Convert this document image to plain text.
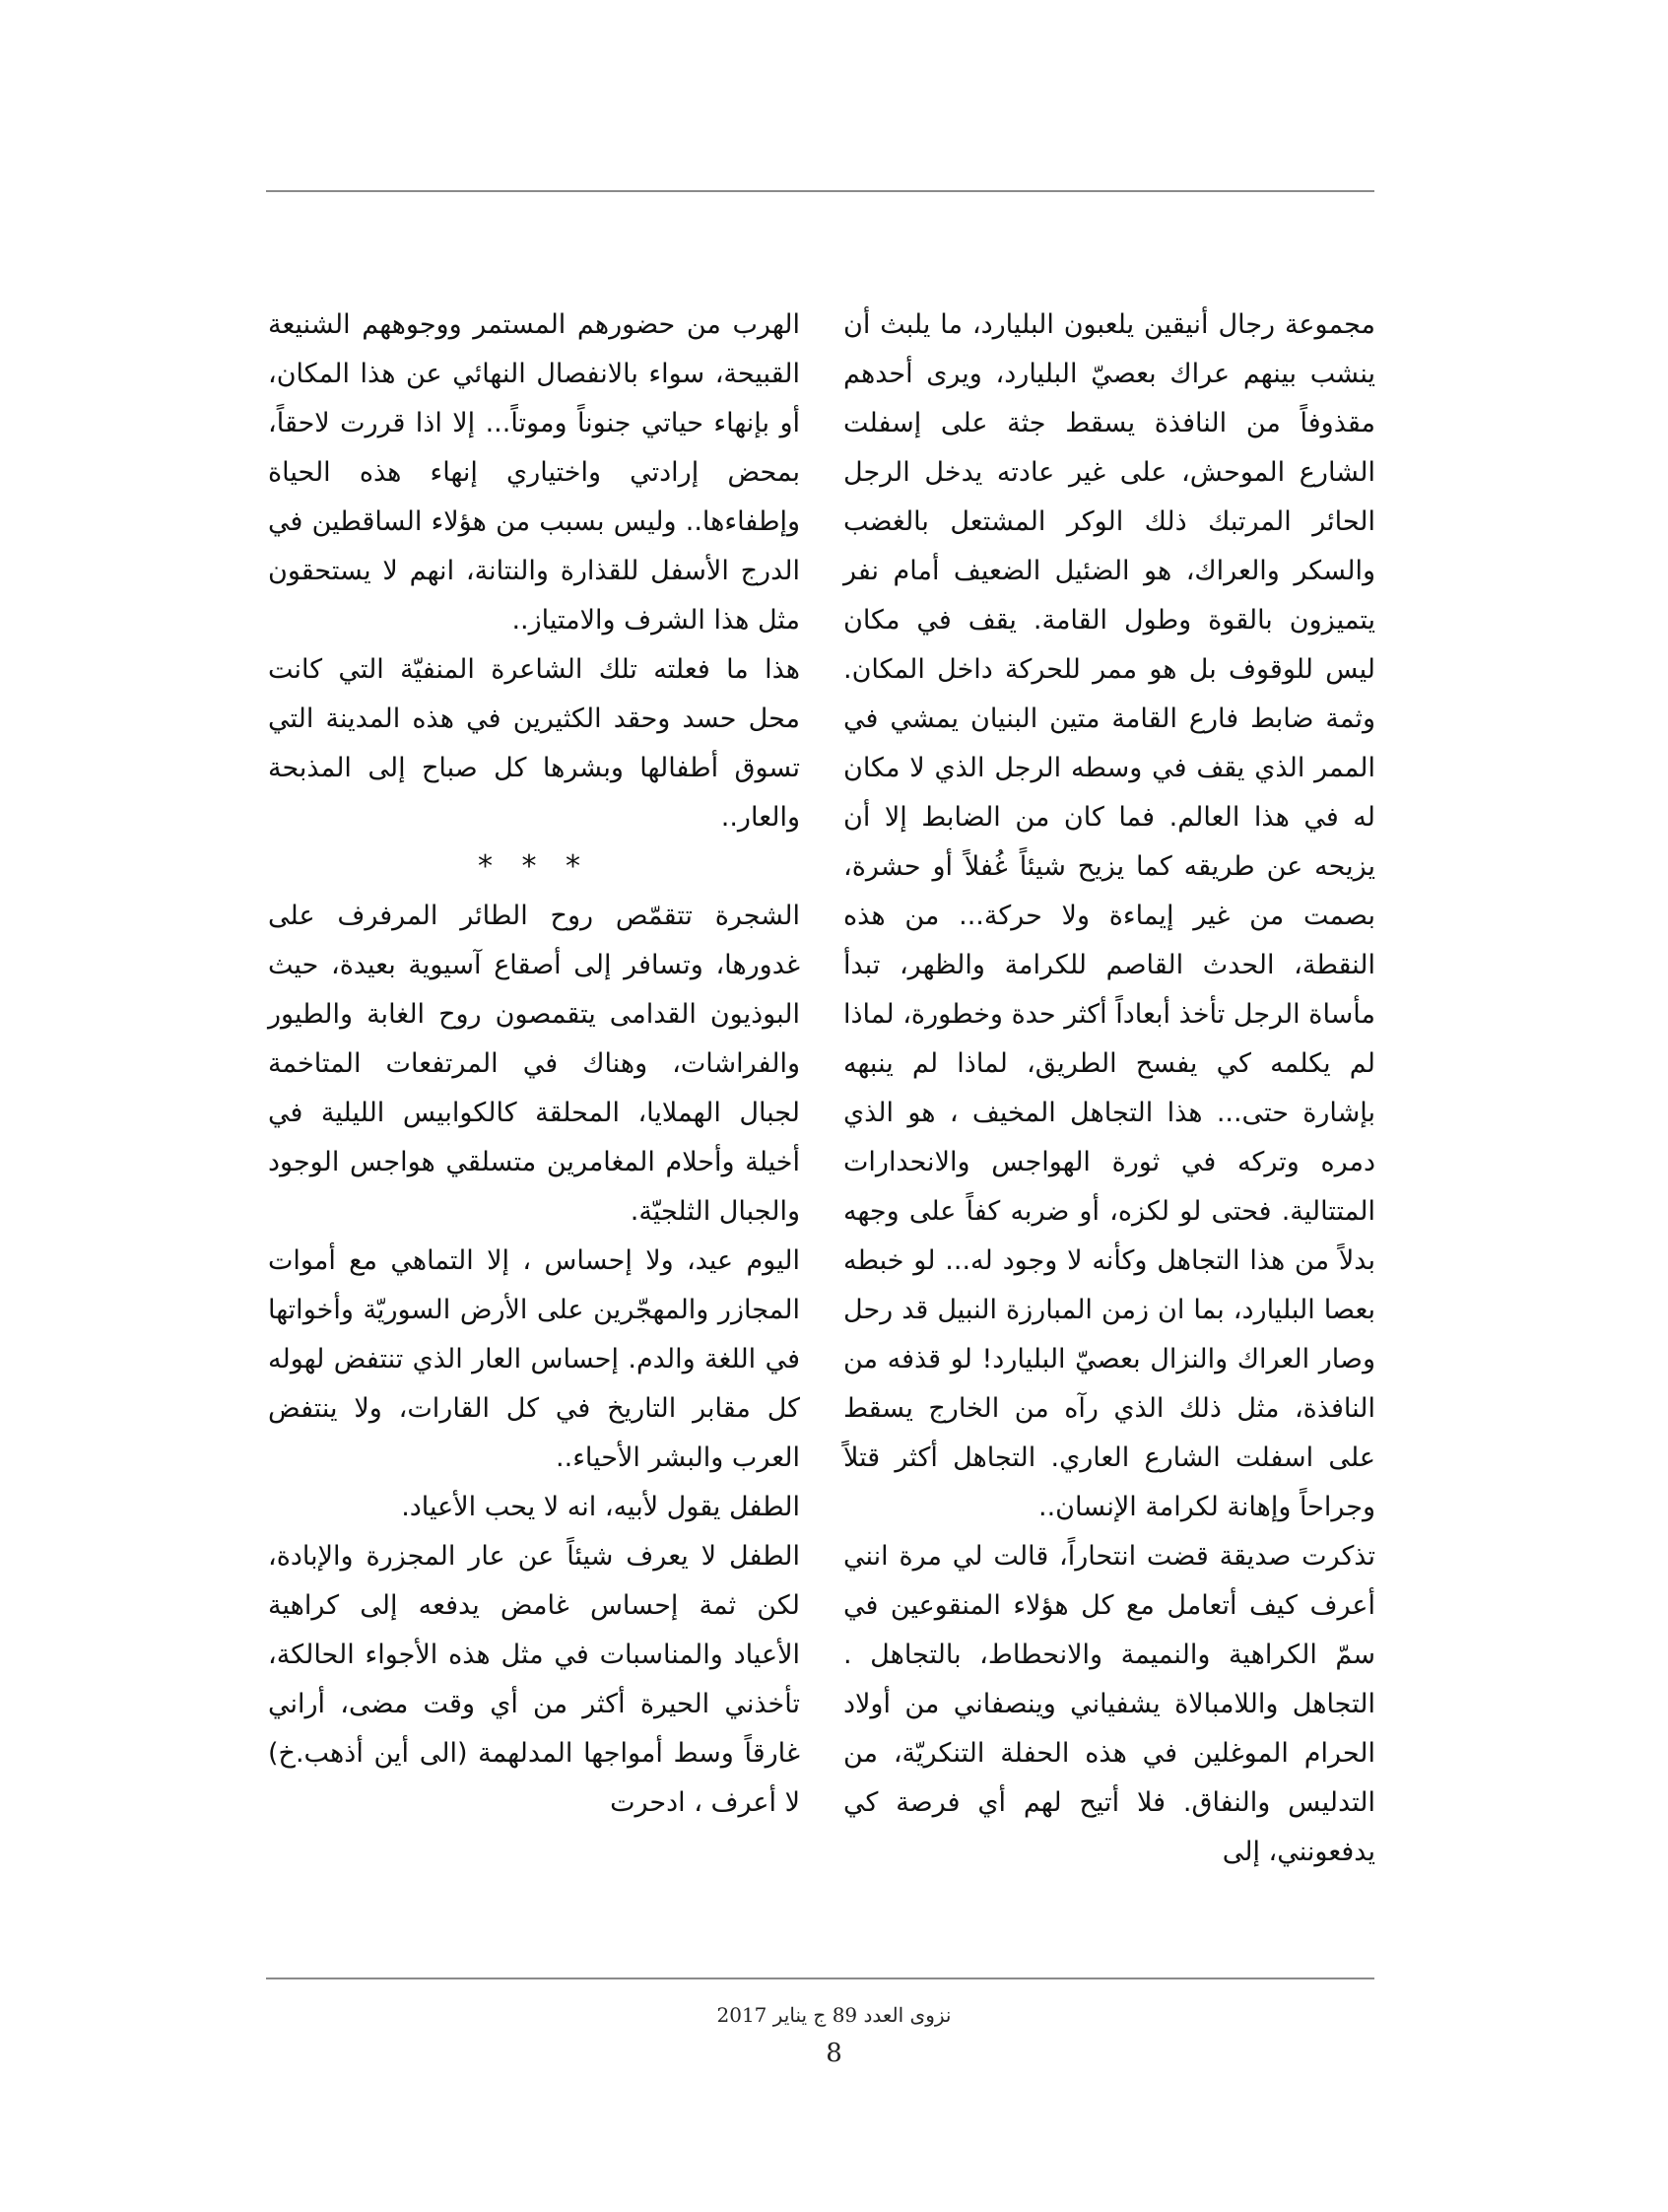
مجموعة رجال أنيقين يلعبون البليارد، ما يلبث أن ينشب بينهم عراك بعصيّ البليارد، ويرى أحدهم مقذوفاً من النافذة يسقط جثة على إسفلت الشارع الموحش، على غير عادته يدخل الرجل الحائر المرتبك ذلك الوكر المشتعل بالغضب والسكر والعراك، هو الضئيل الضعيف أمام نفر يتميزون بالقوة وطول القامة. يقف في مكان ليس للوقوف بل هو ممر للحركة داخل المكان. وثمة ضابط فارع القامة متين البنيان يمشي في الممر الذي يقف في وسطه الرجل الذي لا مكان له في هذا العالم. فما كان من الضابط إلا أن يزيحه عن طريقه كما يزيح شيئاً غُفلاً أو حشرة، بصمت من غير إيماءة ولا حركة... من هذه النقطة، الحدث القاصم للكرامة والظهر، تبدأ مأساة الرجل تأخذ أبعاداً أكثر حدة وخطورة، لماذا لم يكلمه كي يفسح الطريق، لماذا لم ينبهه بإشارة حتى... هذا التجاهل المخيف ، هو الذي دمره وتركه في ثورة الهواجس والانحدارات المتتالية. فحتى لو لكزه، أو ضربه كفاً على وجهه بدلاً من هذا التجاهل وكأنه لا وجود له... لو خبطه بعصا البليارد، بما ان زمن المبارزة النبيل قد رحل وصار العراك والنزال بعصيّ البليارد! لو قذفه من النافذة، مثل ذلك الذي رآه من الخارج يسقط على اسفلت الشارع العاري. التجاهل أكثر قتلاً وجراحاً وإهانة لكرامة الإنسان..

تذكرت صديقة قضت انتحاراً، قالت لي مرة انني أعرف كيف أتعامل مع كل هؤلاء المنقوعين في سمّ الكراهية والنميمة والانحطاط، بالتجاهل . التجاهل واللامبالاة يشفياني وينصفاني من أولاد الحرام الموغلين في هذه الحفلة التنكريّة، من التدليس والنفاق. فلا أتيح لهم أي فرصة كي يدفعونني، إلى

الهرب من حضورهم المستمر ووجوههم الشنيعة القبيحة، سواء بالانفصال النهائي عن هذا المكان، أو بإنهاء حياتي جنوناً وموتاً... إلا اذا قررت لاحقاً، بمحض إرادتي واختياري إنهاء هذه الحياة وإطفاءها.. وليس بسبب من هؤلاء الساقطين في الدرج الأسفل للقذارة والنتانة، انهم لا يستحقون مثل هذا الشرف والامتياز..

هذا ما فعلته تلك الشاعرة المنفيّة التي كانت محل حسد وحقد الكثيرين في هذه المدينة التي تسوق أطفالها وبشرها كل صباح إلى المذبحة والعار..

* * *

الشجرة تتقمّص روح الطائر المرفرف على غدورها، وتسافر إلى أصقاع آسيوية بعيدة، حيث البوذيون القدامى يتقمصون روح الغابة والطيور والفراشات، وهناك في المرتفعات المتاخمة لجبال الهملايا، المحلقة كالكوابيس الليلية في أخيلة وأحلام المغامرين متسلقي هواجس الوجود والجبال الثلجيّة.

اليوم عيد، ولا إحساس ، إلا التماهي مع أموات المجازر والمهجّرين على الأرض السوريّة وأخواتها في اللغة والدم. إحساس العار الذي تنتفض لهوله كل مقابر التاريخ في كل القارات، ولا ينتفض العرب والبشر الأحياء..

الطفل يقول لأبيه، انه لا يحب الأعياد.

الطفل لا يعرف شيئاً عن عار المجزرة والإبادة، لكن ثمة إحساس غامض يدفعه إلى كراهية الأعياد والمناسبات في مثل هذه الأجواء الحالكة، تأخذني الحيرة أكثر من أي وقت مضى، أراني غارقاً وسط أمواجها المدلهمة (الى أين أذهب.خ) لا أعرف ، ادحرت

نزوى العدد 89 ج يناير 2017
8
